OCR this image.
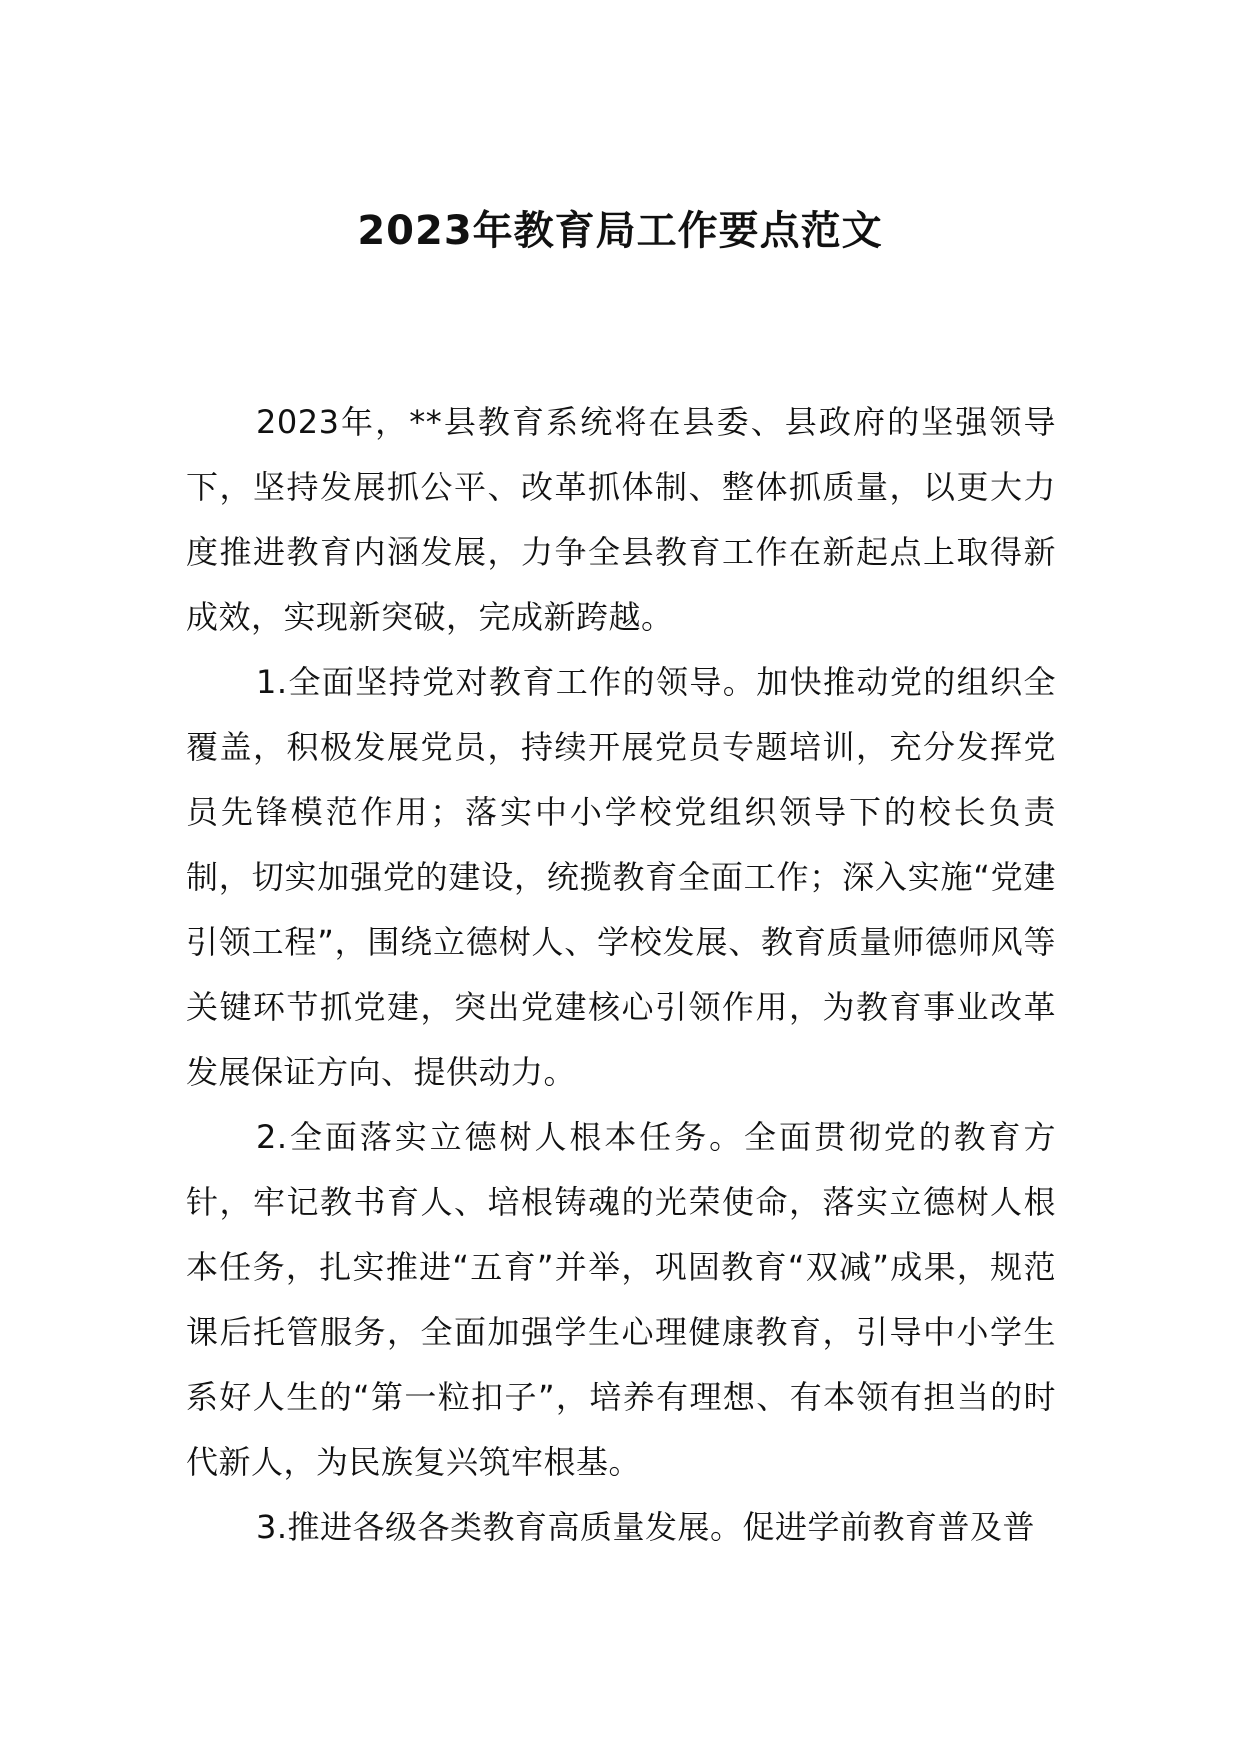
2023年教育局工作要点范文

2023年，**县教育系统将在县委、县政府的坚强领导下，坚持发展抓公平、改革抓体制、整体抓质量，以更大力度推进教育内涵发展，力争全县教育工作在新起点上取得新成效，实现新突破，完成新跨越。

1.全面坚持党对教育工作的领导。加快推动党的组织全覆盖，积极发展党员，持续开展党员专题培训，充分发挥党员先锋模范作用；落实中小学校党组织领导下的校长负责制，切实加强党的建设，统揽教育全面工作；深入实施“党建引领工程”，围绕立德树人、学校发展、教育质量师德师风等关键环节抓党建，突出党建核心引领作用，为教育事业改革发展保证方向、提供动力。

2.全面落实立德树人根本任务。全面贯彻党的教育方针，牢记教书育人、培根铸魂的光荣使命，落实立德树人根本任务，扎实推进“五育”并举，巩固教育“双减”成果，规范课后托管服务，全面加强学生心理健康教育，引导中小学生系好人生的“第一粒扣子”，培养有理想、有本领有担当的时代新人，为民族复兴筑牢根基。

3.推进各级各类教育高质量发展。促进学前教育普及普
